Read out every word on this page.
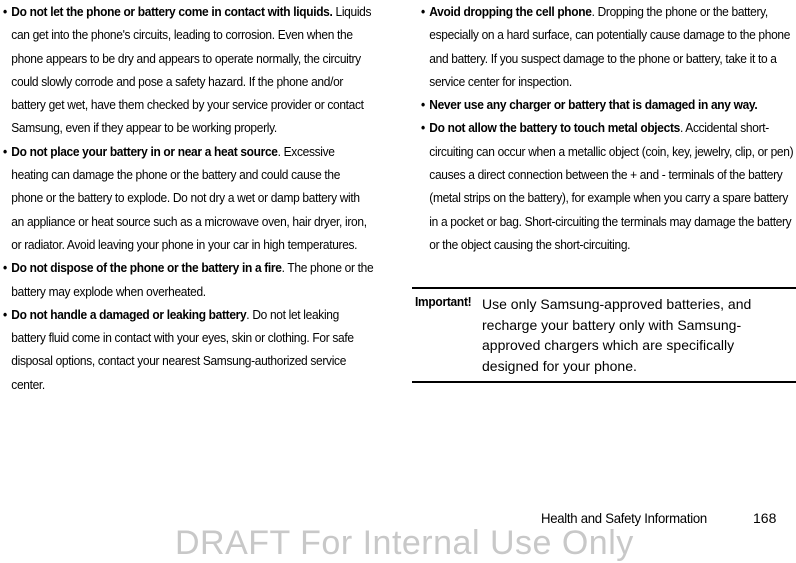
• Do not let the phone or battery come in contact with liquids. Liquids can get into the phone's circuits, leading to corrosion. Even when the phone appears to be dry and appears to operate normally, the circuitry could slowly corrode and pose a safety hazard. If the phone and/or battery get wet, have them checked by your service provider or contact Samsung, even if they appear to be working properly.

• Do not place your battery in or near a heat source. Excessive heating can damage the phone or the battery and could cause the phone or the battery to explode. Do not dry a wet or damp battery with an appliance or heat source such as a microwave oven, hair dryer, iron, or radiator. Avoid leaving your phone in your car in high temperatures.

• Do not dispose of the phone or the battery in a fire. The phone or the battery may explode when overheated.

• Do not handle a damaged or leaking battery. Do not let leaking battery fluid come in contact with your eyes, skin or clothing. For safe disposal options, contact your nearest Samsung-authorized service center.

• Avoid dropping the cell phone. Dropping the phone or the battery, especially on a hard surface, can potentially cause damage to the phone and battery. If you suspect damage to the phone or battery, take it to a service center for inspection.

• Never use any charger or battery that is damaged in any way.

• Do not allow the battery to touch metal objects. Accidental short-circuiting can occur when a metallic object (coin, key, jewelry, clip, or pen) causes a direct connection between the + and - terminals of the battery (metal strips on the battery), for example when you carry a spare battery in a pocket or bag. Short-circuiting the terminals may damage the battery or the object causing the short-circuiting.

Important! Use only Samsung-approved batteries, and recharge your battery only with Samsung-approved chargers which are specifically designed for your phone.
Health and Safety Information	168
DRAFT For Internal Use Only
